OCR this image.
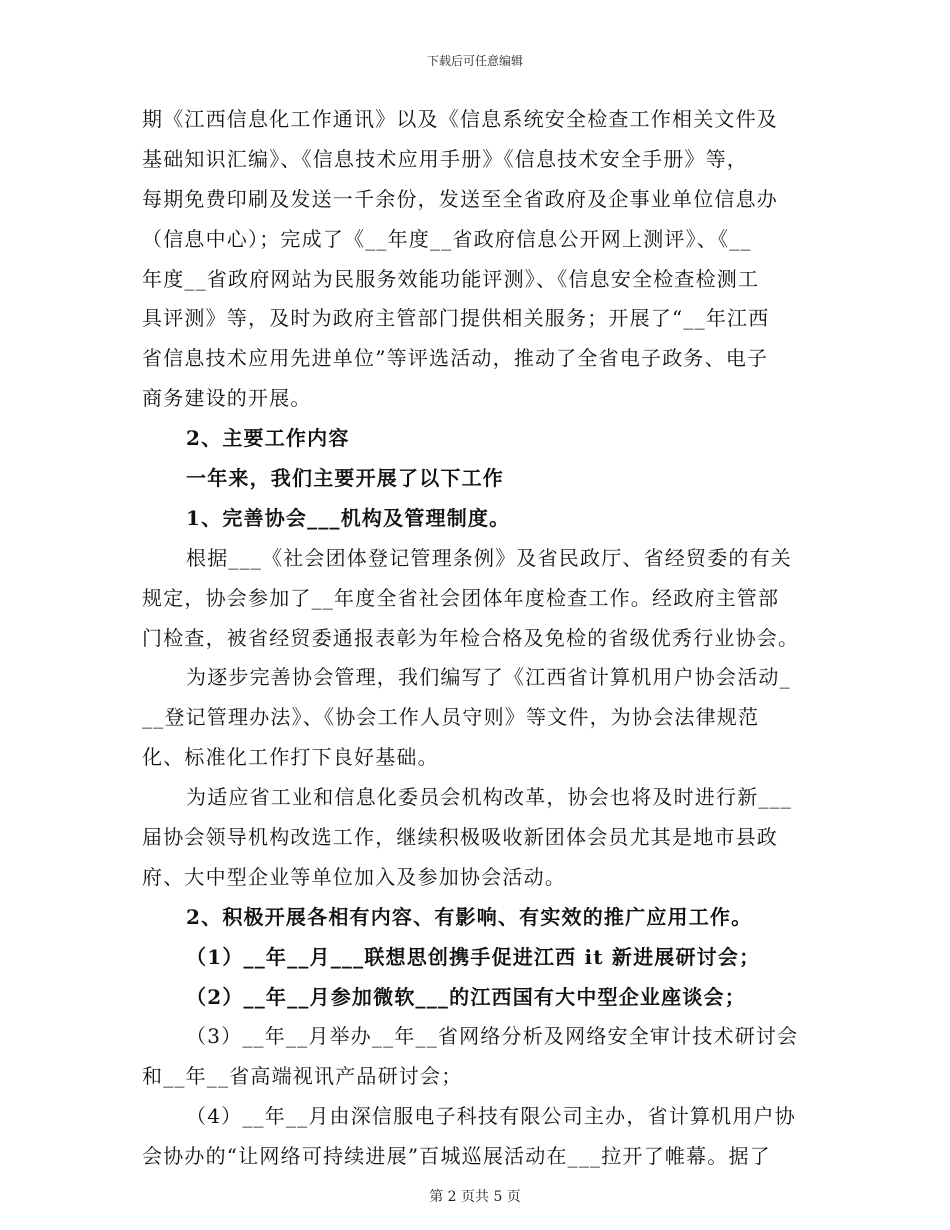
下载后可任意编辑
期《江西信息化工作通讯》以及《信息系统安全检查工作相关文件及
基础知识汇编》、《信息技术应用手册》《信息技术安全手册》等，
每期免费印刷及发送一千余份，发送至全省政府及企事业单位信息办
（信息中心）；完成了《__年度__省政府信息公开网上测评》、《__
年度__省政府网站为民服务效能功能评测》、《信息安全检查检测工
具评测》等，及时为政府主管部门提供相关服务；开展了“__年江西
省信息技术应用先进单位”等评选活动，推动了全省电子政务、电子
商务建设的开展。
2、主要工作内容
一年来，我们主要开展了以下工作
1、完善协会___机构及管理制度。
根据___《社会团体登记管理条例》及省民政厅、省经贸委的有关
规定，协会参加了__年度全省社会团体年度检查工作。经政府主管部
门检查，被省经贸委通报表彰为年检合格及免检的省级优秀行业协会。
为逐步完善协会管理，我们编写了《江西省计算机用户协会活动_
__登记管理办法》、《协会工作人员守则》等文件，为协会法律规范
化、标准化工作打下良好基础。
为适应省工业和信息化委员会机构改革，协会也将及时进行新___
届协会领导机构改选工作，继续积极吸收新团体会员尤其是地市县政
府、大中型企业等单位加入及参加协会活动。
2、积极开展各相有内容、有影响、有实效的推广应用工作。
（1）__年__月___联想思创携手促进江西 it 新进展研讨会；
（2）__年__月参加微软___的江西国有大中型企业座谈会；
（3）__年__月举办__年__省网络分析及网络安全审计技术研讨会
和__年__省高端视讯产品研讨会；
（4）__年__月由深信服电子科技有限公司主办，省计算机用户协
会协办的“让网络可持续进展”百城巡展活动在___拉开了帷幕。据了
第 2 页共 5 页
